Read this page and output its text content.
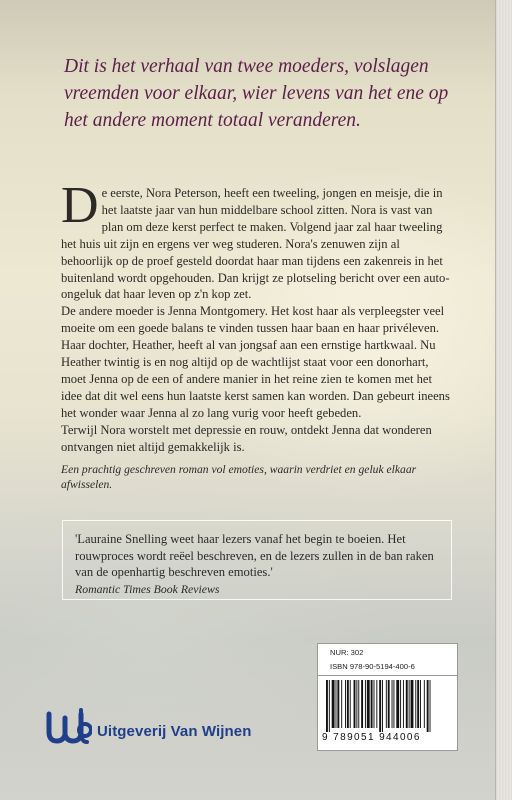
Dit is het verhaal van twee moeders, volslagen vreemden voor elkaar, wier levens van het ene op het andere moment totaal veranderen.

D e eerste, Nora Peterson, heeft een tweeling, jongen en meisje, die in het laatste jaar van hun middelbare school zitten. Nora is vast van plan om deze kerst perfect te maken. Volgend jaar zal haar tweeling het huis uit zijn en ergens ver weg studeren. Nora's zenuwen zijn al behoorlijk op de proef gesteld doordat haar man tijdens een zakenreis in het buitenland wordt opgehouden. Dan krijgt ze plotseling bericht over een auto-ongeluk dat haar leven op z'n kop zet.

De andere moeder is Jenna Montgomery. Het kost haar als verpleegster veel moeite om een goede balans te vinden tussen haar baan en haar privéleven. Haar dochter, Heather, heeft al van jongsaf aan een ernstige hartkwaal. Nu Heather twintig is en nog altijd op de wachtlijst staat voor een donorhart, moet Jenna op de een of andere manier in het reine zien te komen met het idee dat dit wel eens hun laatste kerst samen kan worden. Dan gebeurt ineens het wonder waar Jenna al zo lang vurig voor heeft gebeden.

Terwijl Nora worstelt met depressie en rouw, ontdekt Jenna dat wonderen ontvangen niet altijd gemakkelijk is.

Een prachtig geschreven roman vol emoties, waarin verdriet en geluk elkaar afwisselen.

'Lauraine Snelling weet haar lezers vanaf het begin te boeien. Het rouwproces wordt reëel beschreven, en de lezers zullen in de ban raken van de openhartig beschreven emoties.'
Romantic Times Book Reviews
NUR: 302
ISBN 978-90-5194-400-6
9 789051 944006
Uitgeverij Van Wijnen
